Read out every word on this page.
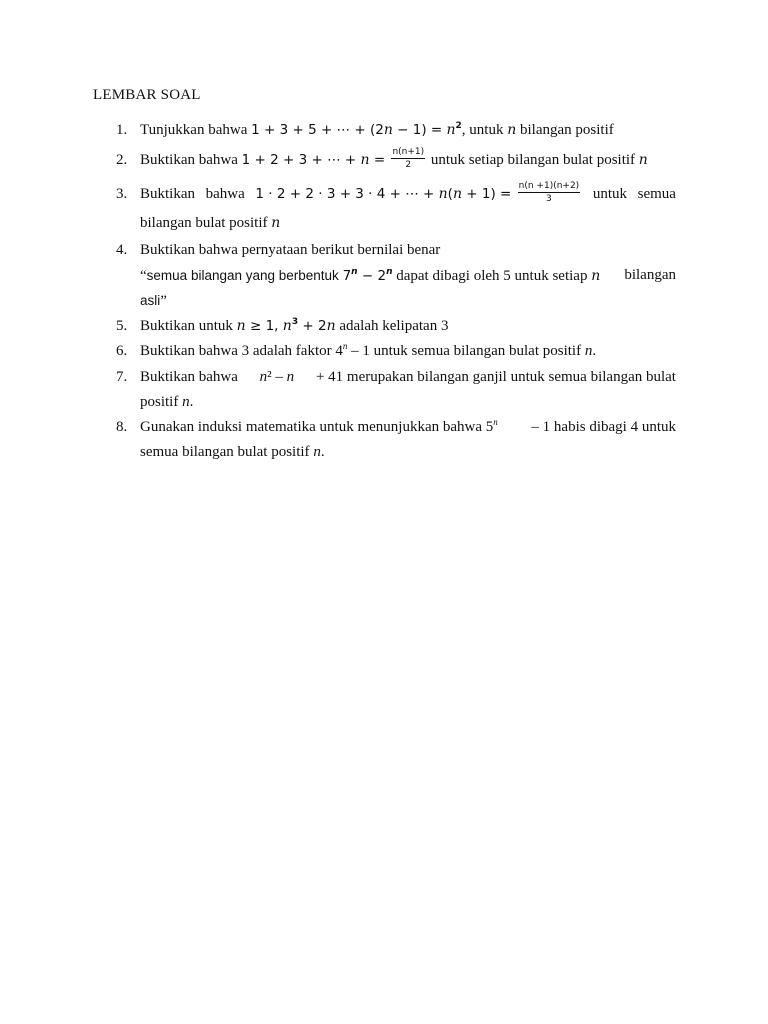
LEMBAR SOAL
1. Tunjukkan bahwa 1 + 3 + 5 + ⋯ + $(2n - 1) = n^2$, untuk n bilangan positif
2. Buktikan bahwa 1 + 2 + 3 + ⋯ + $n = \frac{n(n+1)}{2}$ untuk setiap bilangan bulat positif n
3. Buktikan bahwa 1 · 2 + 2 · 3 + 3 · 4 + ⋯ + $n(n + 1) = \frac{n(n +1)(n+2)}{3}$ untuk semua
bilangan bulat positif n
4. Buktikan bahwa pernyataan berikut bernilai benar
“semua bilangan yang berbentuk $7^n - 2^n$ dapat dibagi oleh 5 untuk setiap n bilangan
asli”
5. Buktikan untuk n ≥ 1, $n^3 + 2n$ adalah kelipatan 3
6. Buktikan bahwa 3 adalah faktor 4$^n$ – 1 untuk semua bilangan bulat positif n.
7. Buktikan bahwa n² – n + 41 merupakan bilangan ganjil untuk semua bilangan bulat
positif n.
8. Gunakan induksi matematika untuk menunjukkan bahwa 5$^n$ – 1 habis dibagi 4 untuk
semua bilangan bulat positif n.
